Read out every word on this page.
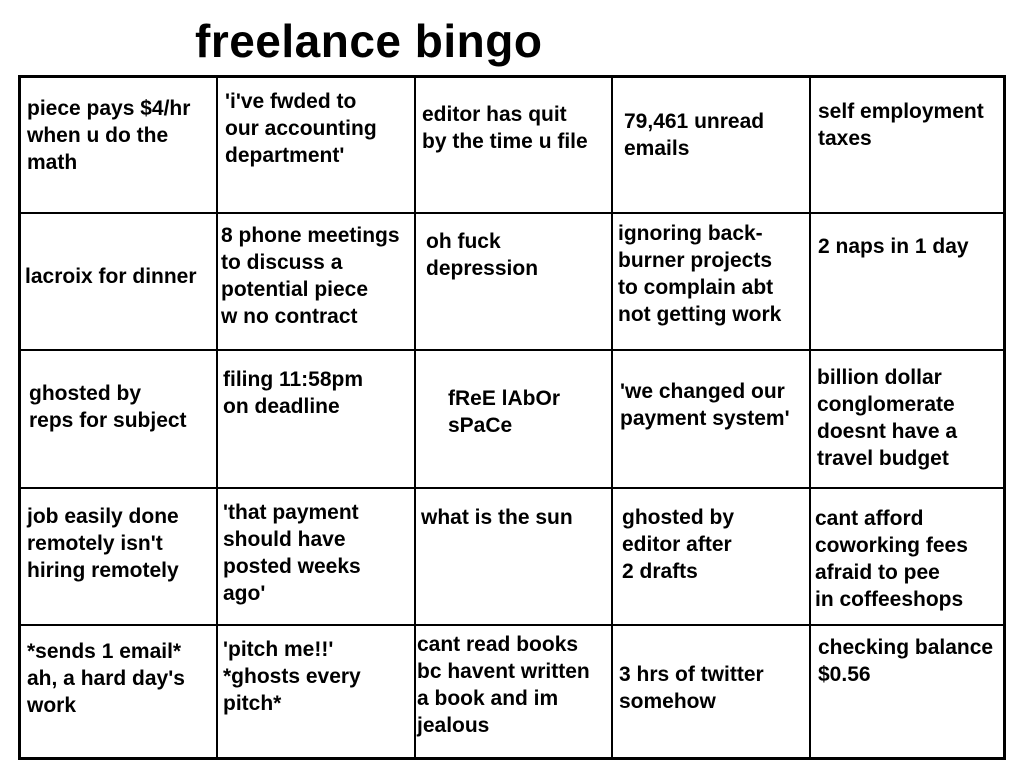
freelance bingo
piece pays $4/hr
when u do the
math
'i've fwded to
our accounting
department'
editor has quit
by the time u file
79,461 unread
emails
self employment
taxes
lacroix for dinner
8 phone meetings
to discuss a
potential piece
w no contract
oh fuck
depression
ignoring back-
burner projects
to complain abt
not getting work
2 naps in 1 day
ghosted by
reps for subject
filing 11:58pm
on deadline	fReE lAbOr
sPaCe
'we changed our
payment system'
billion dollar
conglomerate
doesnt have a
travel budget
job easily done
remotely isn't
hiring remotely
'that payment
should have
posted weeks
ago'
what is the sun ghosted by
editor after
2 drafts
cant afford
coworking fees
afraid to pee
in coffeeshops
*sends 1 email*
ah, a hard day's
work
'pitch me!!'
*ghosts every
pitch*
cant read books
bc havent written
a book and im
jealous
3 hrs of twitter
somehow
checking balance
$0.56
